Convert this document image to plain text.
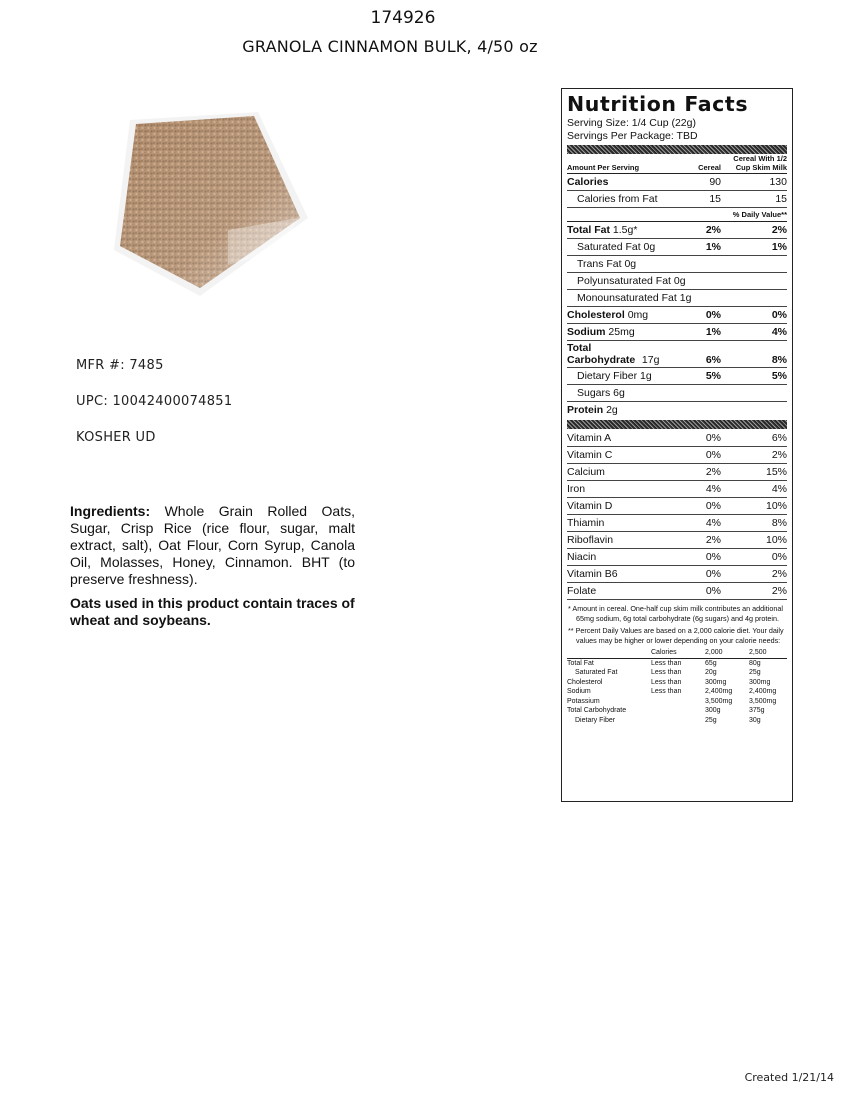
174926
GRANOLA CINNAMON BULK, 4/50 oz
MFR #: 7485
UPC: 10042400074851
KOSHER UD
Ingredients: Whole Grain Rolled Oats, Sugar, Crisp Rice (rice flour, sugar, malt extract, salt), Oat Flour, Corn Syrup, Canola Oil, Molasses, Honey, Cinnamon. BHT (to preserve freshness).
Oats used in this product contain traces of wheat and soybeans.
Nutrition Facts
Serving Size: 1/4 Cup (22g)
Servings Per Package: TBD
Amount Per Serving	Cereal
Cereal With 1/2 Cup Skim Milk
Calories	90	130
Calories from Fat	15	15
% Daily Value**
Total Fat 1.5g*	2%	2%
Saturated Fat 0g	1%	1%
Trans Fat 0g
Polyunsaturated Fat 0g
Monounsaturated Fat 1g
Cholesterol 0mg	0%	0%
Sodium 25mg	1%	4%
Total Carbohydrate 17g	6%	8%
Dietary Fiber 1g	5%	5%
Sugars 6g
Protein 2g
Vitamin A	0%	6%
Vitamin C	0%	2%
Calcium	2%	15%
Iron	4%	4%
Vitamin D	0%	10%
Thiamin	4%	8%
Riboflavin	2%	10%
Niacin	0%	0%
Vitamin B6	0%	2%
Folate	0%	2%

* Amount in cereal. One-half cup skim milk contributes an additional 65mg sodium, 6g total carbohydrate (6g sugars) and 4g protein.

** Percent Daily Values are based on a 2,000 calorie diet. Your daily values may be higher or lower depending on your calorie needs:

	Calories	2,000	2,500
Total Fat	Less than	65g	80g
Saturated Fat	Less than	20g	25g
Cholesterol	Less than	300mg	300mg
Sodium	Less than	2,400mg	2,400mg
Potassium		3,500mg	3,500mg
Total Carbohydrate		300g	375g
Dietary Fiber		25g	30g
Created 1/21/14
